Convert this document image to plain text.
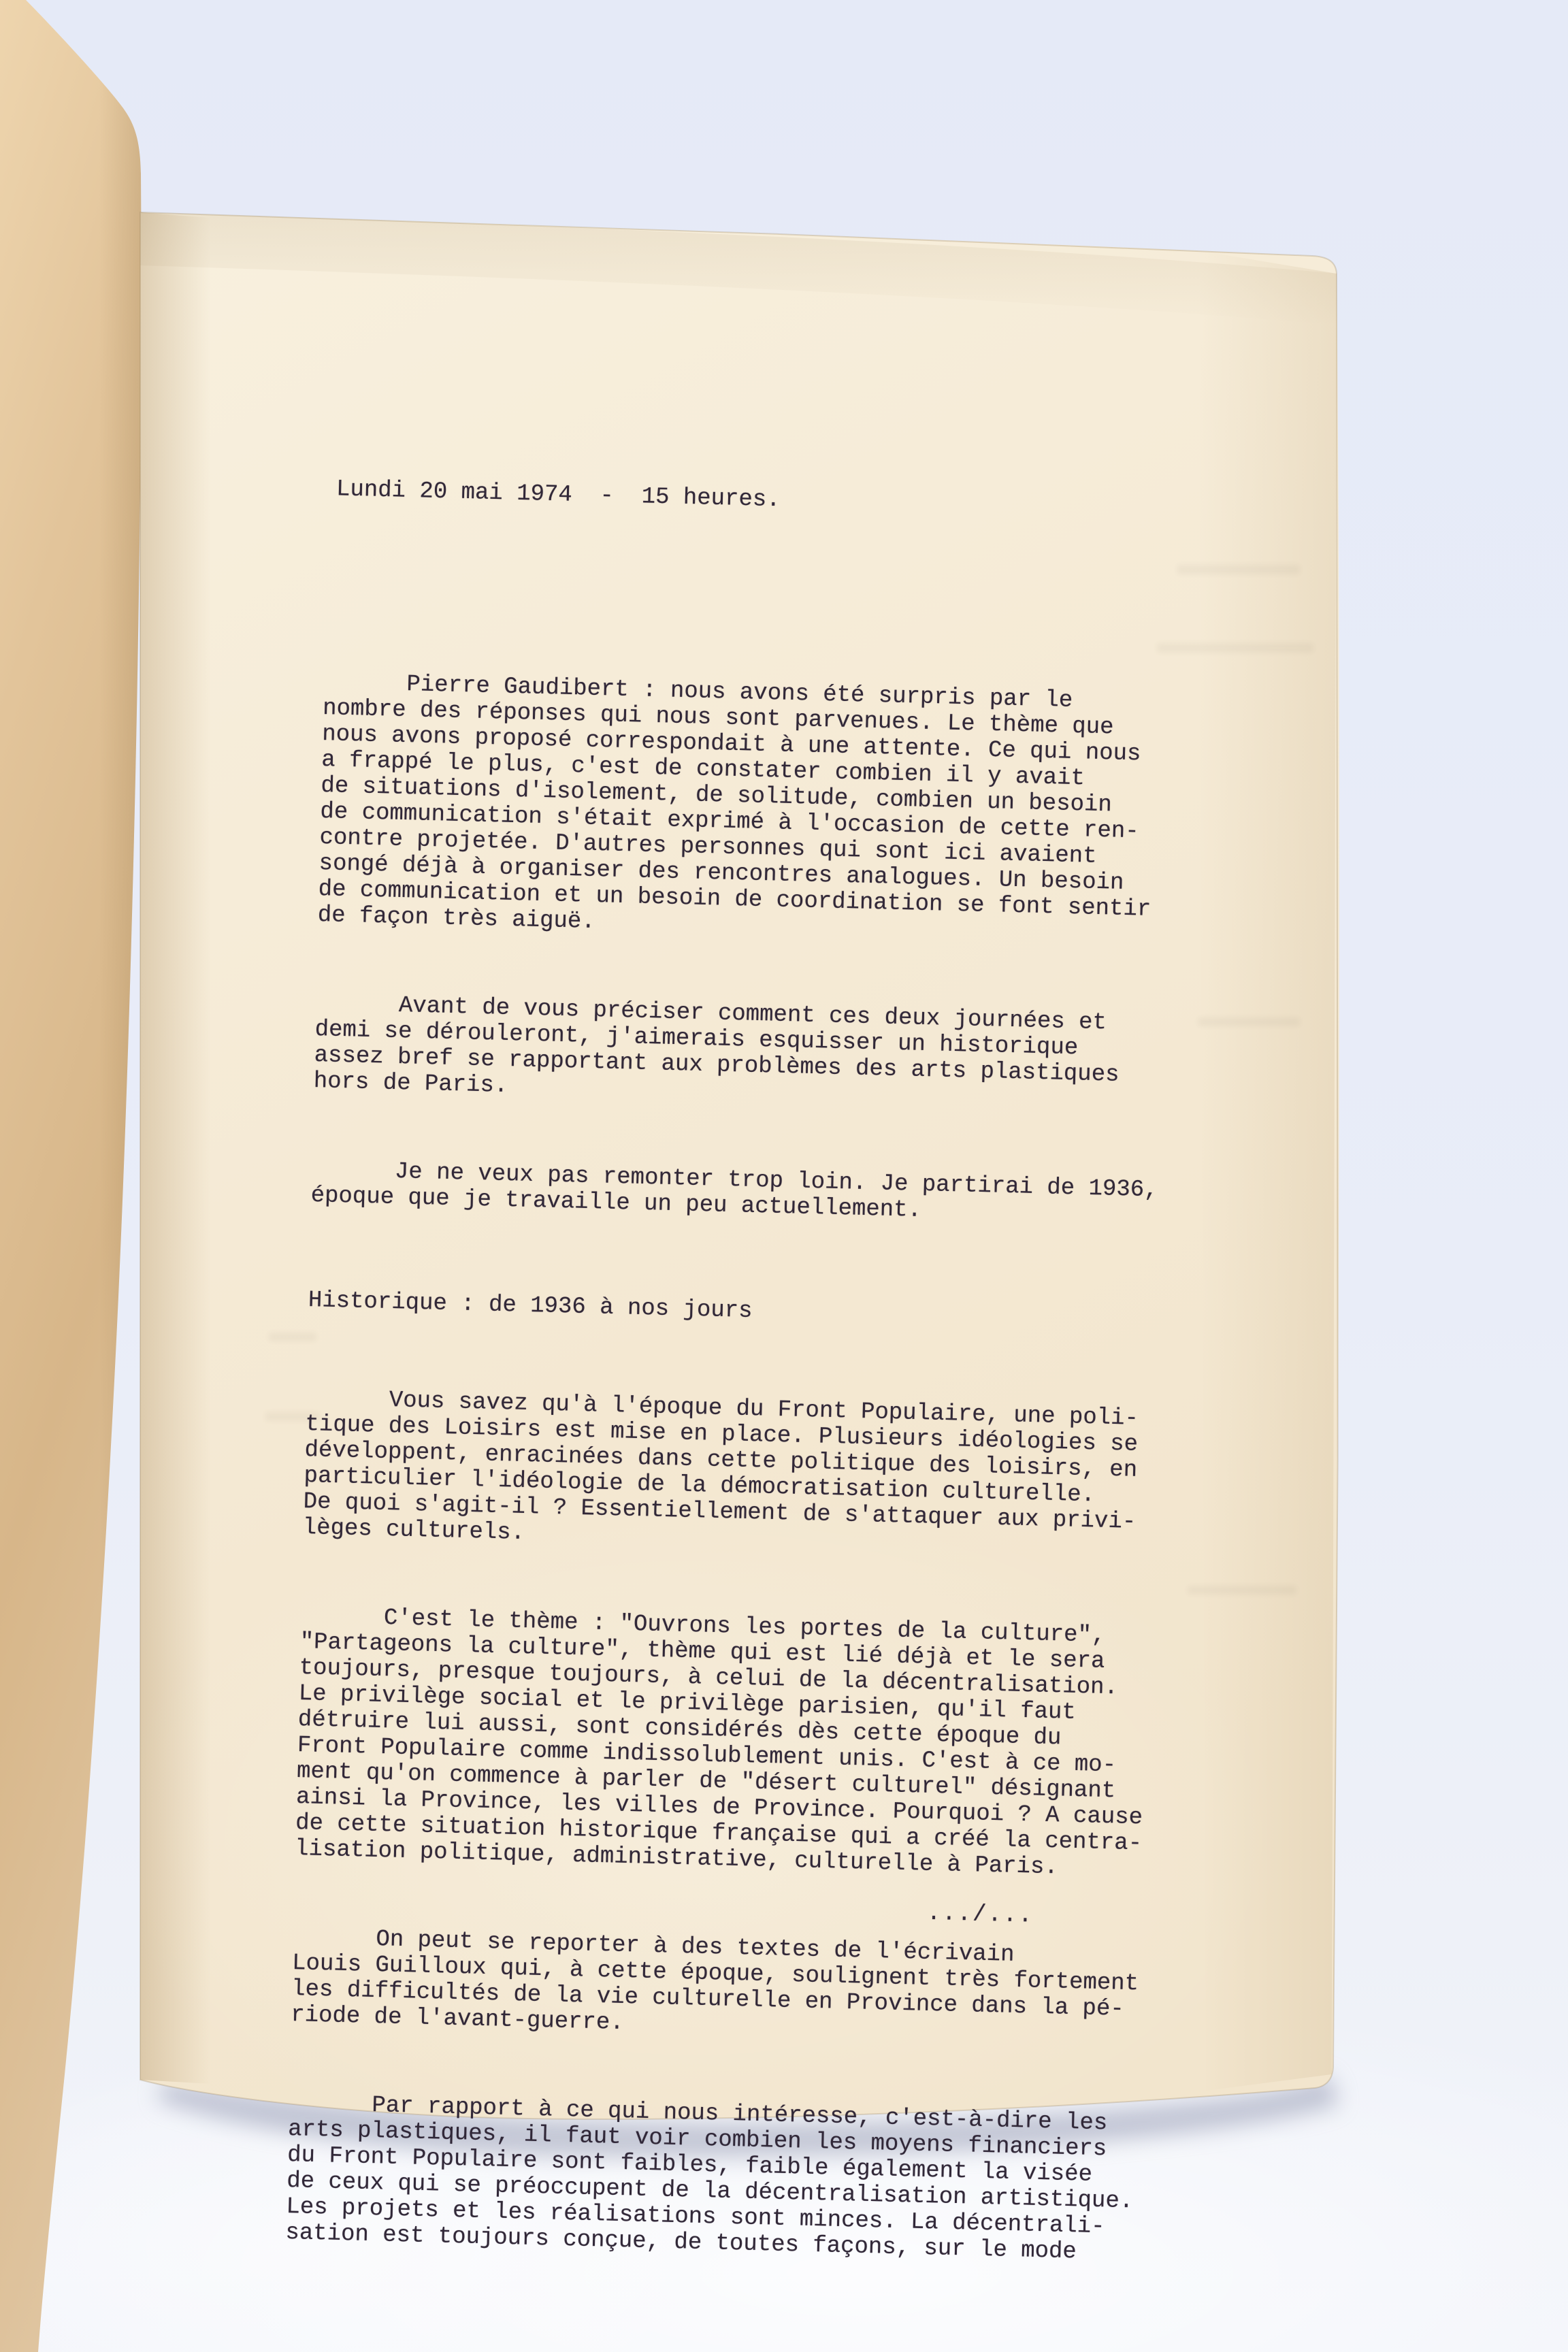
Lundi 20 mai 1974  -  15 heures.

Pierre Gaudibert : nous avons été surpris par le
nombre des réponses qui nous sont parvenues. Le thème que
nous avons proposé correspondait à une attente. Ce qui nous
a frappé le plus, c'est de constater combien il y avait
de situations d'isolement, de solitude, combien un besoin
de communication s'était exprimé à l'occasion de cette ren-
contre projetée. D'autres personnes qui sont ici avaient
songé déjà à organiser des rencontres analogues. Un besoin
de communication et un besoin de coordination se font sentir
de façon très aiguë.

Avant de vous préciser comment ces deux journées et
demi se dérouleront, j'aimerais esquisser un historique
assez bref se rapportant aux problèmes des arts plastiques
hors de Paris.

Je ne veux pas remonter trop loin. Je partirai de 1936,
époque que je travaille un peu actuellement.

Historique : de 1936 à nos jours

Vous savez qu'à l'époque du Front Populaire, une poli-
tique des Loisirs est mise en place. Plusieurs idéologies se
développent, enracinées dans cette politique des loisirs, en
particulier l'idéologie de la démocratisation culturelle.
De quoi s'agit-il ? Essentiellement de s'attaquer aux privi-
lèges culturels.

C'est le thème : "Ouvrons les portes de la culture",
"Partageons la culture", thème qui est lié déjà et le sera
toujours, presque toujours, à celui de la décentralisation.
Le privilège social et le privilège parisien, qu'il faut
détruire lui aussi, sont considérés dès cette époque du
Front Populaire comme indissolublement unis. C'est à ce mo-
ment qu'on commence à parler de "désert culturel" désignant
ainsi la Province, les villes de Province. Pourquoi ? A cause
de cette situation historique française qui a créé la centra-
lisation politique, administrative, culturelle à Paris.

On peut se reporter à des textes de l'écrivain
Louis Guilloux qui, à cette époque, soulignent très fortement
les difficultés de la vie culturelle en Province dans la pé-
riode de l'avant-guerre.

Par rapport à ce qui nous intéresse, c'est-à-dire les
arts plastiques, il faut voir combien les moyens financiers
du Front Populaire sont faibles, faible également la visée
de ceux qui se préoccupent de la décentralisation artistique.
Les projets et les réalisations sont minces. La décentrali-
sation est toujours conçue, de toutes façons, sur le mode

.../...
